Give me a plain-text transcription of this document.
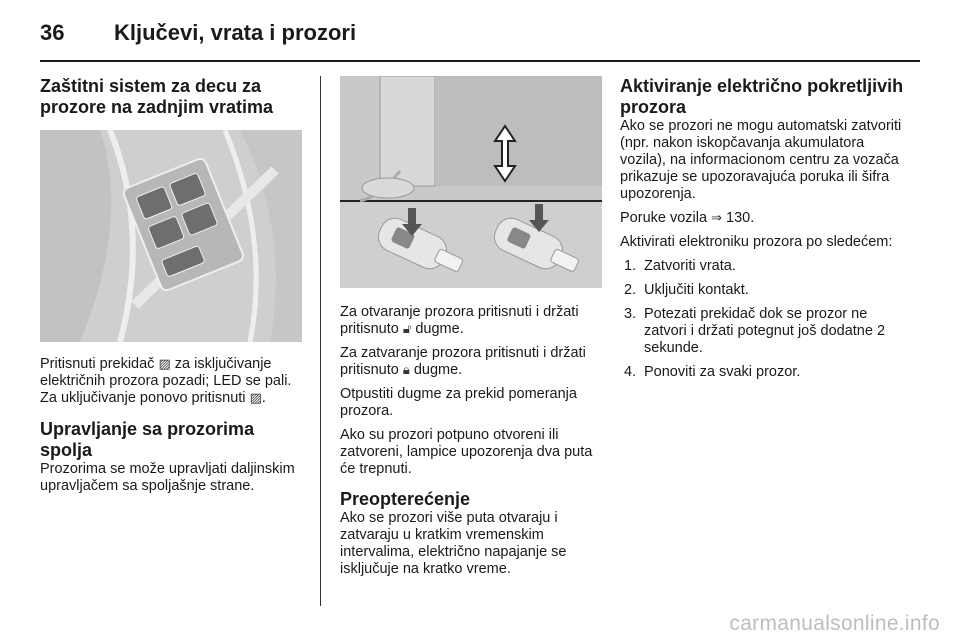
36 Ključevi, vrata i prozori
Zaštitni sistem za decu za prozore na zadnjim vratima

Pritisnuti prekidač ▨ za isključivanje električnih prozora pozadi; LED se pali. Za uključivanje ponovo pritisnuti ▨.

Upravljanje sa prozorima spolja

Prozorima se može upravljati daljinskim upravljačem sa spoljašnje strane.

Za otvaranje prozora pritisnuti i držati pritisnuto 🔓︎ dugme.

Za zatvaranje prozora pritisnuti i držati pritisnuto 🔒︎ dugme.

Otpustiti dugme za prekid pomeranja prozora.

Ako su prozori potpuno otvoreni ili zatvoreni, lampice upozorenja dva puta će trepnuti.

Preopterećenje

Ako se prozori više puta otvaraju i zatvaraju u kratkim vremenskim intervalima, električno napajanje se isključuje na kratko vreme.

Aktiviranje električno pokretljivih prozora

Ako se prozori ne mogu automatski zatvoriti (npr. nakon iskopčavanja akumulatora vozila), na informacionom centru za vozača prikazuje se upozoravajuća poruka ili šifra upozorenja.

Poruke vozila ⇒ 130.

Aktivirati elektroniku prozora po sledećem:

1. Zatvoriti vrata.
2. Uključiti kontakt.
3. Potezati prekidač dok se prozor ne zatvori i držati potegnut još dodatne 2 sekunde.
4. Ponoviti za svaki prozor.
carmanualsonline.info
